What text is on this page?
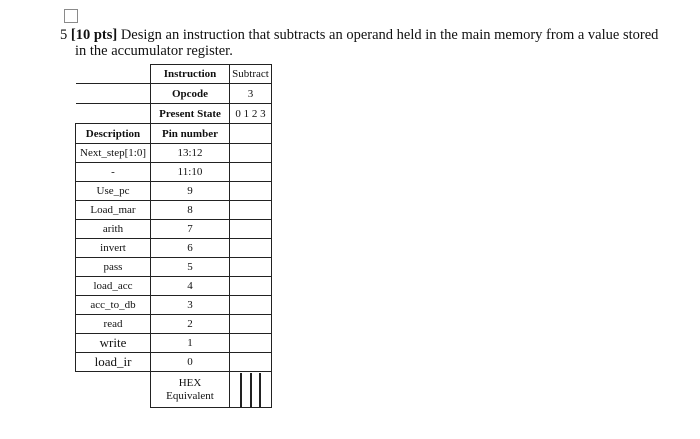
5 [10 pts] Design an instruction that subtracts an operand held in the main memory from a value stored
in the accumulator register.
	Instruction	Subtract
	Opcode	3
	Present State	0 1 2 3
Description	Pin number	
Next_step[1:0]	13:12	
-	11:10	
Use_pc	9	
Load_mar	8	
arith	7	
invert	6	
pass	5	
load_acc	4	
acc_to_db	3	
read	2	
write	1	
load_ir	0	
	HEX
Equivalent	
